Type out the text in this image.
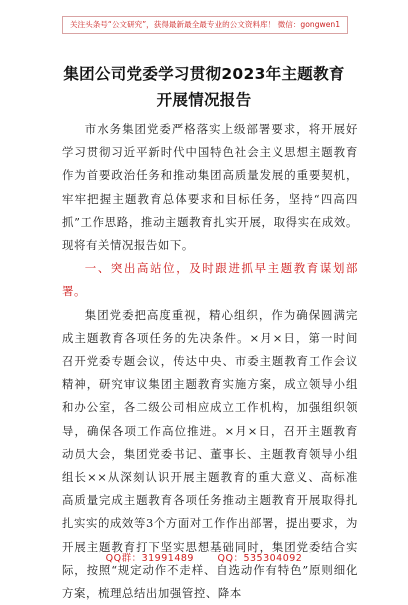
关注头条号“公文研究”，获得最新最全最专业的公文资料库！ 微信：gongwen1
集团公司党委学习贯彻2023年主题教育
开展情况报告

市水务集团党委严格落实上级部署要求，将开展好学习贯彻习近平新时代中国特色社会主义思想主题教育作为首要政治任务和推动集团高质量发展的重要契机，牢牢把握主题教育总体要求和目标任务，坚持“四高四抓”工作思路，推动主题教育扎实开展，取得实在成效。现将有关情况报告如下。

一、突出高站位，及时跟进抓早主题教育谋划部署。

集团党委把高度重视，精心组织，作为确保圆满完成主题教育各项任务的先决条件。×月×日，第一时间召开党委专题会议，传达中央、市委主题教育工作会议精神，研究审议集团主题教育实施方案，成立领导小组和办公室，各二级公司相应成立工作机构，加强组织领导，确保各项工作高位推进。×月×日，召开主题教育动员大会，集团党委书记、董事长、主题教育领导小组组长××从深刻认识开展主题教育的重大意义、高标准高质量完成主题教育各项任务推动主题教育开展取得扎扎实实的成效等3个方面对工作作出部署，提出要求，为开展主题教育打下坚实思想基础同时，集团党委结合实际，按照“规定动作不走样、自选动作有特色”原则细化方案，梳理总结出加强管控、降本

QQ群：31991489 QQ：535304092
